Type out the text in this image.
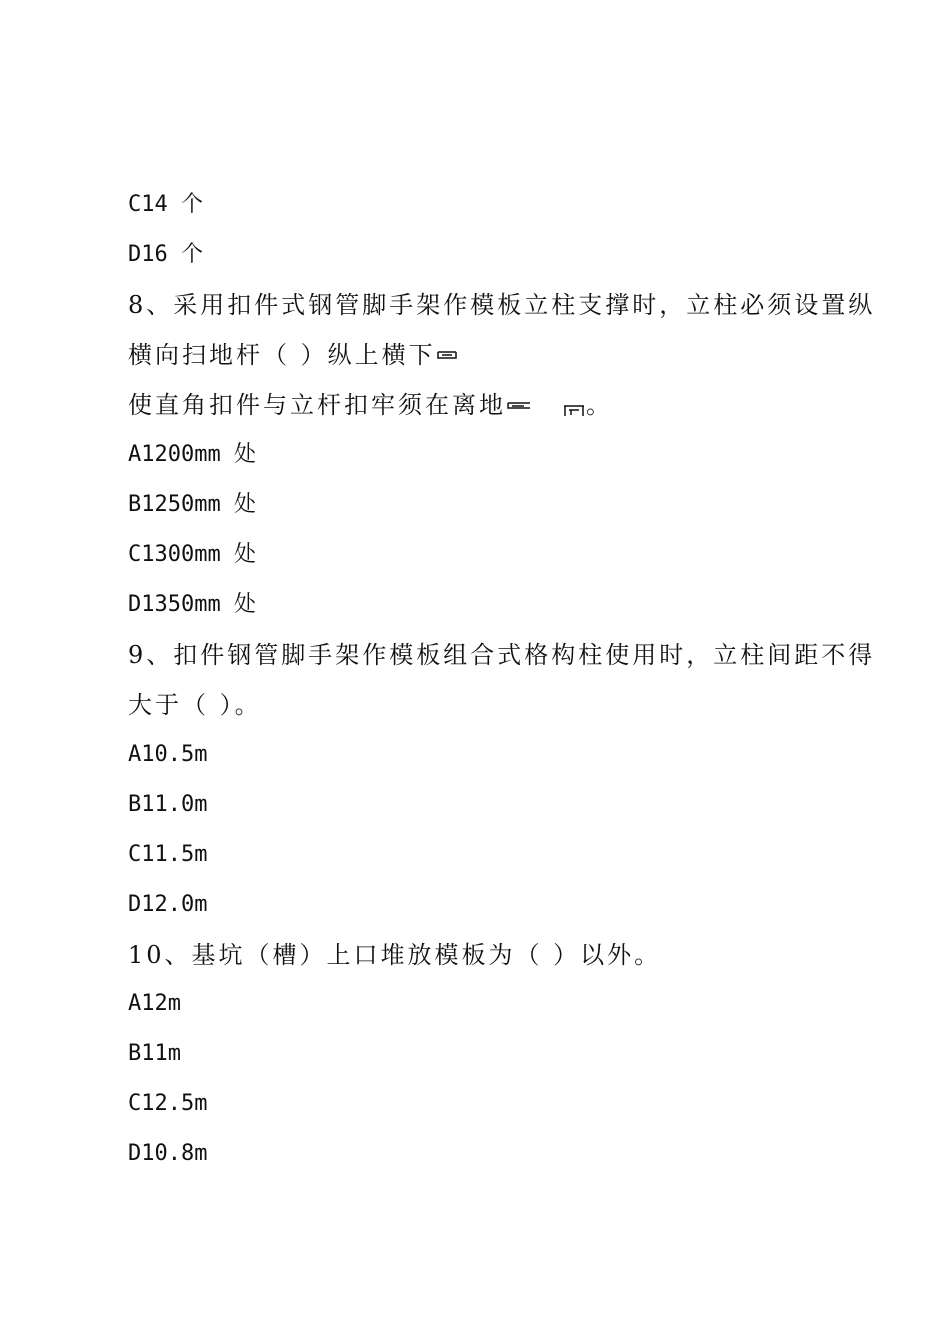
C14 个
D16 个
8、采用扣件式钢管脚手架作模板立柱支撑时，立柱必须设置纵
横向扫地杆（ ）纵上横下
使直角扣件与立杆扣牢须在离地	。
A1200mm 处
B1250mm 处
C1300mm 处
D1350mm 处
9、扣件钢管脚手架作模板组合式格构柱使用时，立柱间距不得
大于（ ）。
A10.5m
B11.0m
C11.5m
D12.0m
10、基坑（槽）上口堆放模板为（ ）以外。
A12m
B11m
C12.5m
D10.8m
